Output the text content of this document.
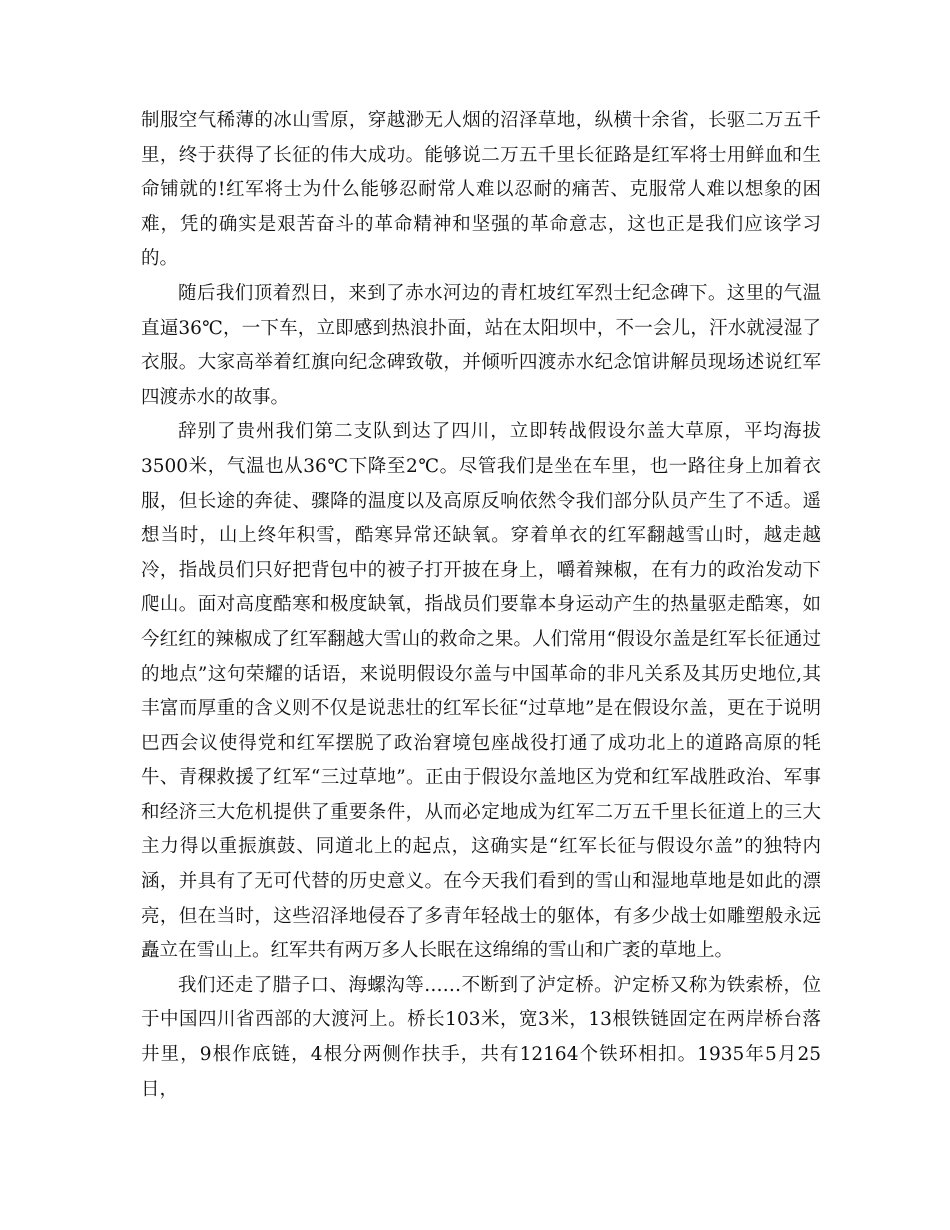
制服空气稀薄的冰山雪原，穿越渺无人烟的沼泽草地，纵横十余省，长驱二万五千里，终于获得了长征的伟大成功。能够说二万五千里长征路是红军将士用鲜血和生命铺就的!红军将士为什么能够忍耐常人难以忍耐的痛苦、克服常人难以想象的困难，凭的确实是艰苦奋斗的革命精神和坚强的革命意志，这也正是我们应该学习的。

随后我们顶着烈日，来到了赤水河边的青杠坡红军烈士纪念碑下。这里的气温直逼36℃，一下车，立即感到热浪扑面，站在太阳坝中，不一会儿，汗水就浸湿了衣服。大家高举着红旗向纪念碑致敬，并倾听四渡赤水纪念馆讲解员现场述说红军四渡赤水的故事。

辞别了贵州我们第二支队到达了四川，立即转战假设尔盖大草原，平均海拔3500米，气温也从36℃下降至2℃。尽管我们是坐在车里，也一路往身上加着衣服，但长途的奔徒、骤降的温度以及高原反响依然令我们部分队员产生了不适。遥想当时，山上终年积雪，酷寒异常还缺氧。穿着单衣的红军翻越雪山时，越走越冷，指战员们只好把背包中的被子打开披在身上，嚼着辣椒，在有力的政治发动下爬山。面对高度酷寒和极度缺氧，指战员们要靠本身运动产生的热量驱走酷寒，如今红红的辣椒成了红军翻越大雪山的救命之果。人们常用“假设尔盖是红军长征通过的地点”这句荣耀的话语，来说明假设尔盖与中国革命的非凡关系及其历史地位,其丰富而厚重的含义则不仅是说悲壮的红军长征“过草地”是在假设尔盖，更在于说明巴西会议使得党和红军摆脱了政治窘境包座战役打通了成功北上的道路高原的牦牛、青稞救援了红军“三过草地”。正由于假设尔盖地区为党和红军战胜政治、军事和经济三大危机提供了重要条件，从而必定地成为红军二万五千里长征道上的三大主力得以重振旗鼓、同道北上的起点，这确实是“红军长征与假设尔盖”的独特内涵，并具有了无可代替的历史意义。在今天我们看到的雪山和湿地草地是如此的漂亮，但在当时，这些沼泽地侵吞了多青年轻战士的躯体，有多少战士如雕塑般永远矗立在雪山上。红军共有两万多人长眠在这绵绵的雪山和广袤的草地上。

我们还走了腊子口、海螺沟等……不断到了泸定桥。沪定桥又称为铁索桥，位于中国四川省西部的大渡河上。桥长103米，宽3米，13根铁链固定在两岸桥台落井里，9根作底链，4根分两侧作扶手，共有12164个铁环相扣。1935年5月25日，
